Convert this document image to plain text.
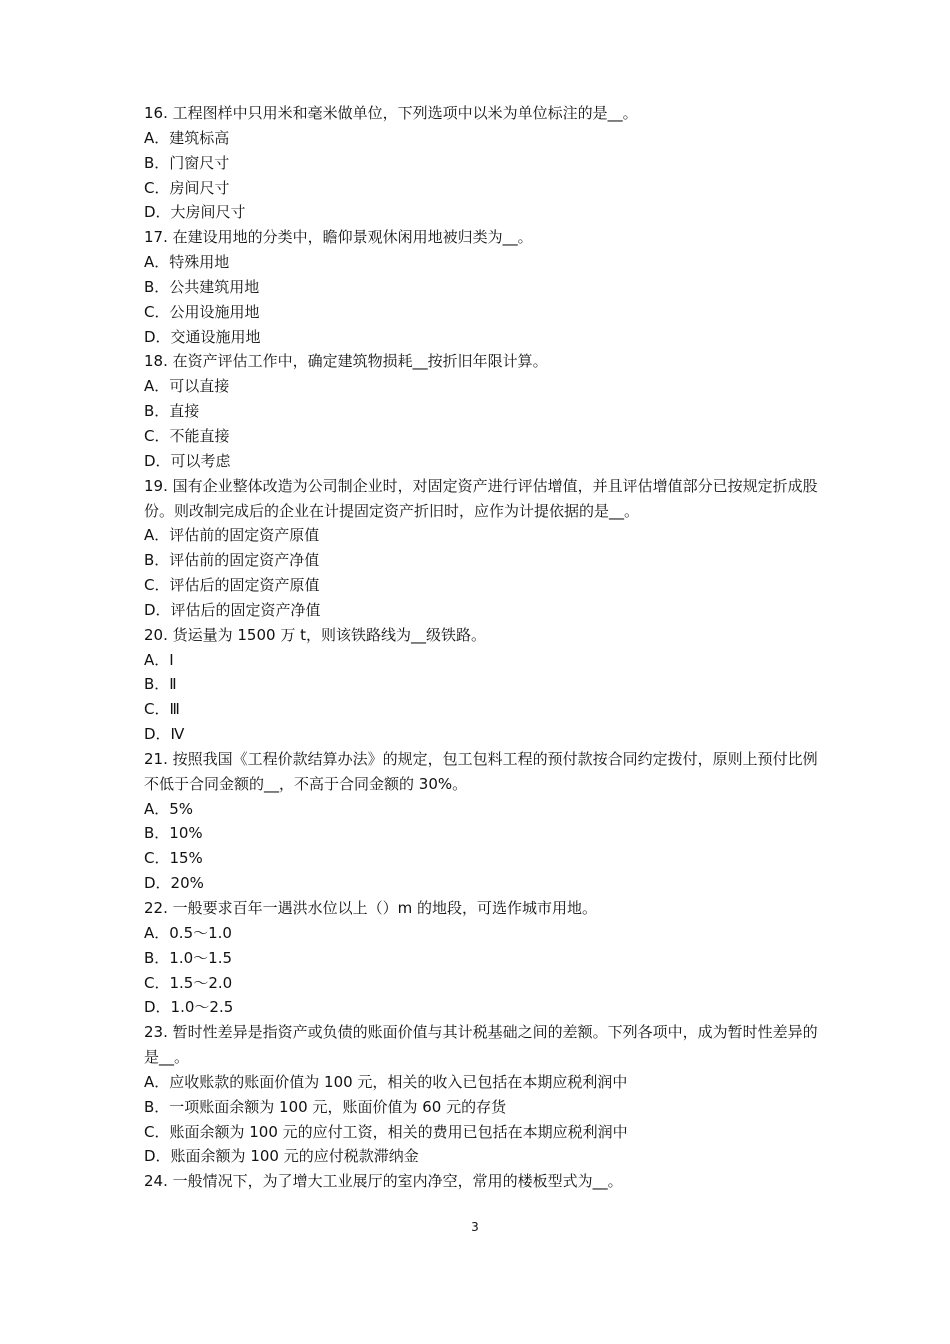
16. 工程图样中只用米和毫米做单位，下列选项中以米为单位标注的是__。
A．建筑标高
B．门窗尺寸
C．房间尺寸
D．大房间尺寸
17. 在建设用地的分类中，瞻仰景观休闲用地被归类为__。
A．特殊用地
B．公共建筑用地
C．公用设施用地
D．交通设施用地
18. 在资产评估工作中，确定建筑物损耗__按折旧年限计算。
A．可以直接
B．直接
C．不能直接
D．可以考虑
19. 国有企业整体改造为公司制企业时，对固定资产进行评估增值，并且评估增值部分已按规定折成股份。则改制完成后的企业在计提固定资产折旧时，应作为计提依据的是__。
A．评估前的固定资产原值
B．评估前的固定资产净值
C．评估后的固定资产原值
D．评估后的固定资产净值
20. 货运量为 1500 万 t，则该铁路线为__级铁路。
A．Ⅰ
B．Ⅱ
C．Ⅲ
D．Ⅳ
21. 按照我国《工程价款结算办法》的规定，包工包料工程的预付款按合同约定拨付，原则上预付比例不低于合同金额的__，不高于合同金额的 30%。
A．5%
B．10%
C．15%
D．20%
22. 一般要求百年一遇洪水位以上（）m 的地段，可选作城市用地。
A．0.5～1.0
B．1.0～1.5
C．1.5～2.0
D．1.0～2.5
23. 暂时性差异是指资产或负债的账面价值与其计税基础之间的差额。下列各项中，成为暂时性差异的是__。
A．应收账款的账面价值为 100 元，相关的收入已包括在本期应税利润中
B．一项账面余额为 100 元，账面价值为 60 元的存货
C．账面余额为 100 元的应付工资，相关的费用已包括在本期应税利润中
D．账面余额为 100 元的应付税款滞纳金
24. 一般情况下，为了增大工业展厅的室内净空，常用的楼板型式为__。
3
